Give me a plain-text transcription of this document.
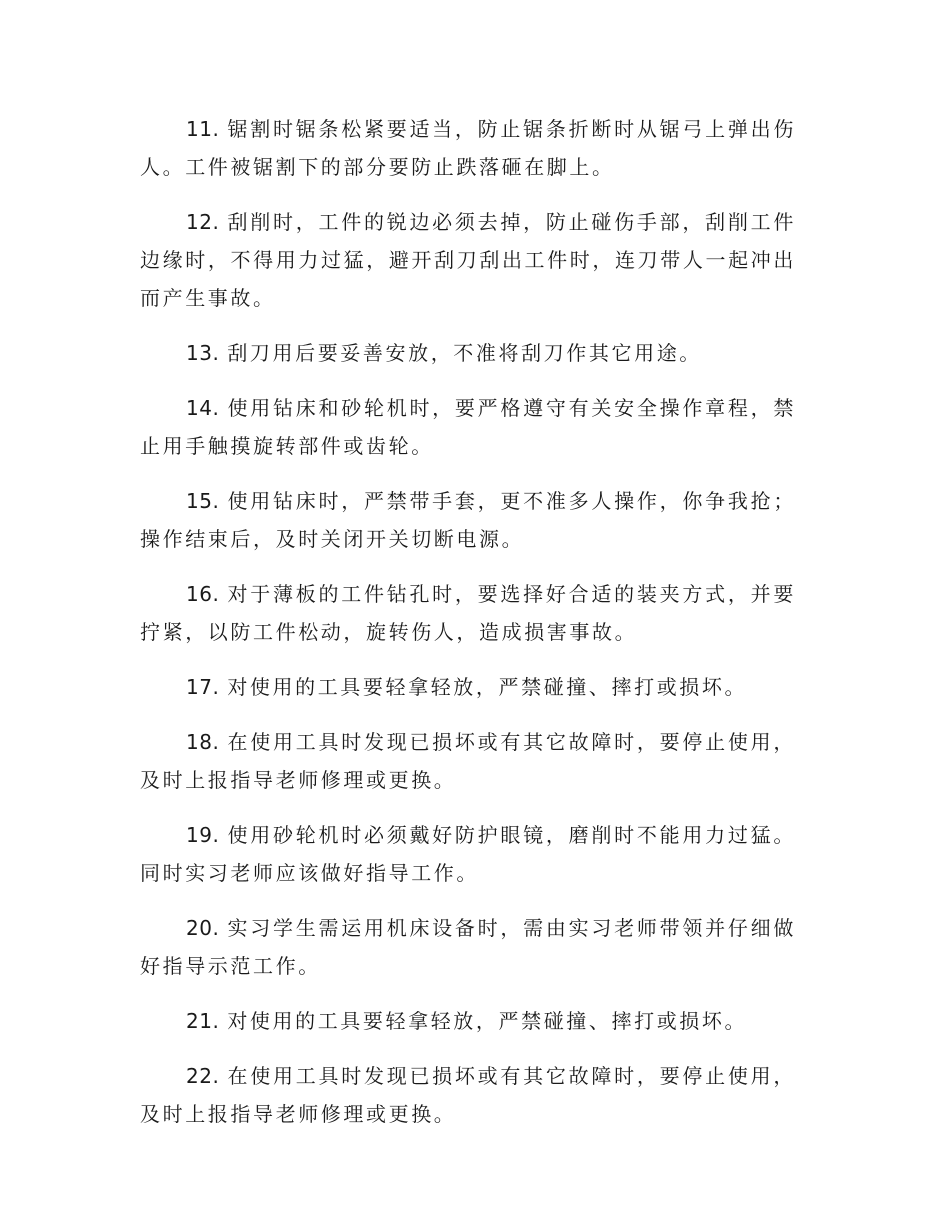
11. 锯割时锯条松紧要适当，防止锯条折断时从锯弓上弹出伤人。工件被锯割下的部分要防止跌落砸在脚上。

12. 刮削时，工件的锐边必须去掉，防止碰伤手部，刮削工件边缘时，不得用力过猛，避开刮刀刮出工件时，连刀带人一起冲出而产生事故。

13. 刮刀用后要妥善安放，不准将刮刀作其它用途。

14. 使用钻床和砂轮机时，要严格遵守有关安全操作章程，禁止用手触摸旋转部件或齿轮。

15. 使用钻床时，严禁带手套，更不准多人操作，你争我抢；操作结束后，及时关闭开关切断电源。

16. 对于薄板的工件钻孔时，要选择好合适的装夹方式，并要拧紧，以防工件松动，旋转伤人，造成损害事故。

17. 对使用的工具要轻拿轻放，严禁碰撞、摔打或损坏。

18. 在使用工具时发现已损坏或有其它故障时，要停止使用，及时上报指导老师修理或更换。

19. 使用砂轮机时必须戴好防护眼镜，磨削时不能用力过猛。同时实习老师应该做好指导工作。

20. 实习学生需运用机床设备时，需由实习老师带领并仔细做好指导示范工作。

21. 对使用的工具要轻拿轻放，严禁碰撞、摔打或损坏。

22. 在使用工具时发现已损坏或有其它故障时，要停止使用，及时上报指导老师修理或更换。
